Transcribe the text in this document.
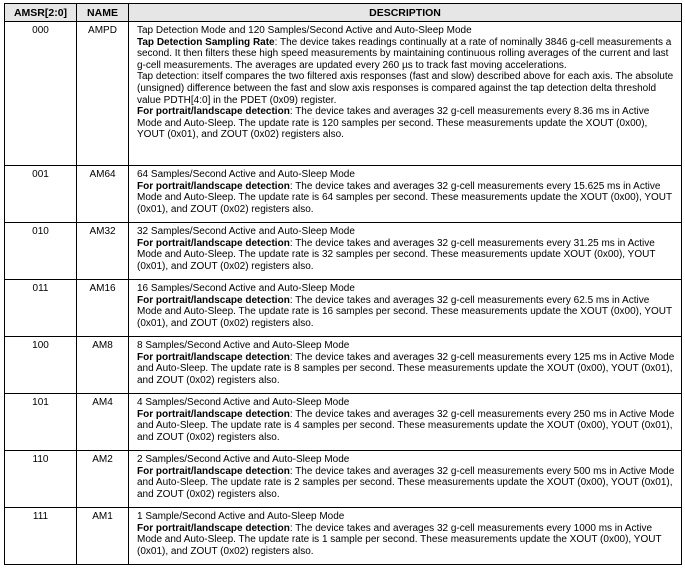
AMSR[2:0]	NAME	DESCRIPTION
000	AMPD	Tap Detection Mode and 120 Samples/Second Active and Auto-Sleep Mode
Tap Detection Sampling Rate: The device takes readings continually at a rate of nominally 3846 g-cell measurements a second. It then filters these high speed measurements by maintaining continuous rolling averages of the current and last g-cell measurements. The averages are updated every 260 µs to track fast moving accelerations.
Tap detection: itself compares the two filtered axis responses (fast and slow) described above for each axis. The absolute (unsigned) difference between the fast and slow axis responses is compared against the tap detection delta threshold value PDTH[4:0] in the PDET (0x09) register.
For portrait/landscape detection: The device takes and averages 32 g-cell measurements every 8.36 ms in Active Mode and Auto-Sleep. The update rate is 120 samples per second. These measurements update the XOUT (0x00), YOUT (0x01), and ZOUT (0x02) registers also.

001	AM64	64 Samples/Second Active and Auto-Sleep Mode
For portrait/landscape detection: The device takes and averages 32 g-cell measurements every 15.625 ms in Active Mode and Auto-Sleep. The update rate is 64 samples per second. These measurements update the XOUT (0x00), YOUT (0x01), and ZOUT (0x02) registers also.

010	AM32	32 Samples/Second Active and Auto-Sleep Mode
For portrait/landscape detection: The device takes and averages 32 g-cell measurements every 31.25 ms in Active Mode and Auto-Sleep. The update rate is 32 samples per second. These measurements update XOUT (0x00), YOUT (0x01), and ZOUT (0x02) registers also.

011	AM16	16 Samples/Second Active and Auto-Sleep Mode
For portrait/landscape detection: The device takes and averages 32 g-cell measurements every 62.5 ms in Active Mode and Auto-Sleep. The update rate is 16 samples per second. These measurements update the XOUT (0x00), YOUT (0x01), and ZOUT (0x02) registers also.

100	AM8	8 Samples/Second Active and Auto-Sleep Mode
For portrait/landscape detection: The device takes and averages 32 g-cell measurements every 125 ms in Active Mode and Auto-Sleep. The update rate is 8 samples per second. These measurements update the XOUT (0x00), YOUT (0x01), and ZOUT (0x02) registers also.

101	AM4	4 Samples/Second Active and Auto-Sleep Mode
For portrait/landscape detection: The device takes and averages 32 g-cell measurements every 250 ms in Active Mode and Auto-Sleep. The update rate is 4 samples per second. These measurements update the XOUT (0x00), YOUT (0x01), and ZOUT (0x02) registers also.

110	AM2	2 Samples/Second Active and Auto-Sleep Mode
For portrait/landscape detection: The device takes and averages 32 g-cell measurements every 500 ms in Active Mode and Auto-Sleep. The update rate is 2 samples per second. These measurements update the XOUT (0x00), YOUT (0x01), and ZOUT (0x02) registers also.

111	AM1	1 Sample/Second Active and Auto-Sleep Mode
For portrait/landscape detection: The device takes and averages 32 g-cell measurements every 1000 ms in Active Mode and Auto-Sleep. The update rate is 1 sample per second. These measurements update the XOUT (0x00), YOUT (0x01), and ZOUT (0x02) registers also.
